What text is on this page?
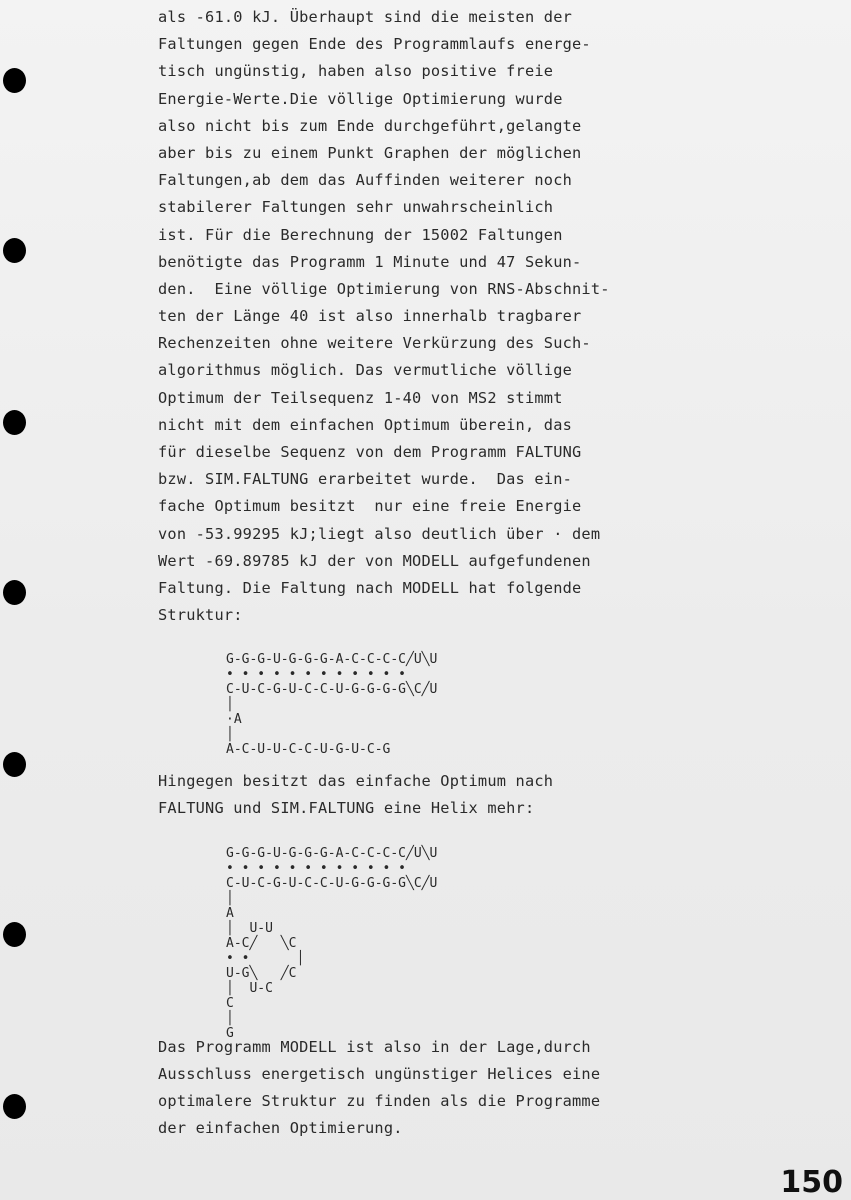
als -61.0 kJ. Überhaupt sind die meisten der
Faltungen gegen Ende des Programmlaufs energe-
tisch ungünstig, haben also positive freie
Energie-Werte.Die völlige Optimierung wurde
also nicht bis zum Ende durchgeführt,gelangte
aber bis zu einem Punkt Graphen der möglichen
Faltungen,ab dem das Auffinden weiterer noch
stabilerer Faltungen sehr unwahrscheinlich
ist. Für die Berechnung der 15002 Faltungen
benötigte das Programm 1 Minute und 47 Sekun-
den.  Eine völlige Optimierung von RNS-Abschnit-
ten der Länge 40 ist also innerhalb tragbarer
Rechenzeiten ohne weitere Verkürzung des Such-
algorithmus möglich. Das vermutliche völlige
Optimum der Teilsequenz 1-40 von MS2 stimmt
nicht mit dem einfachen Optimum überein, das
für dieselbe Sequenz von dem Programm FALTUNG
bzw. SIM.FALTUNG erarbeitet wurde.  Das ein-
fache Optimum besitzt  nur eine freie Energie
von -53.99295 kJ;liegt also deutlich über · dem
Wert -69.89785 kJ der von MODELL aufgefundenen
Faltung. Die Faltung nach MODELL hat folgende
Struktur:
G-G-G-U-G-G-G-A-C-C-C-C╱U╲U
• • • • • • • • • • • •
C-U-C-G-U-C-C-U-G-G-G-G╲C╱U
│
·A
│
A-C-U-U-C-C-U-G-U-C-G
Hingegen besitzt das einfache Optimum nach
FALTUNG und SIM.FALTUNG eine Helix mehr:
G-G-G-U-G-G-G-A-C-C-C-C╱U╲U
• • • • • • • • • • • •
C-U-C-G-U-C-C-U-G-G-G-G╲C╱U
│
A
│  U-U
A-C╱   ╲C
• •      │
U-G╲   ╱C
│  U-C
C
│
G
Das Programm MODELL ist also in der Lage,durch
Ausschluss energetisch ungünstiger Helices eine
optimalere Struktur zu finden als die Programme
der einfachen Optimierung.
150
